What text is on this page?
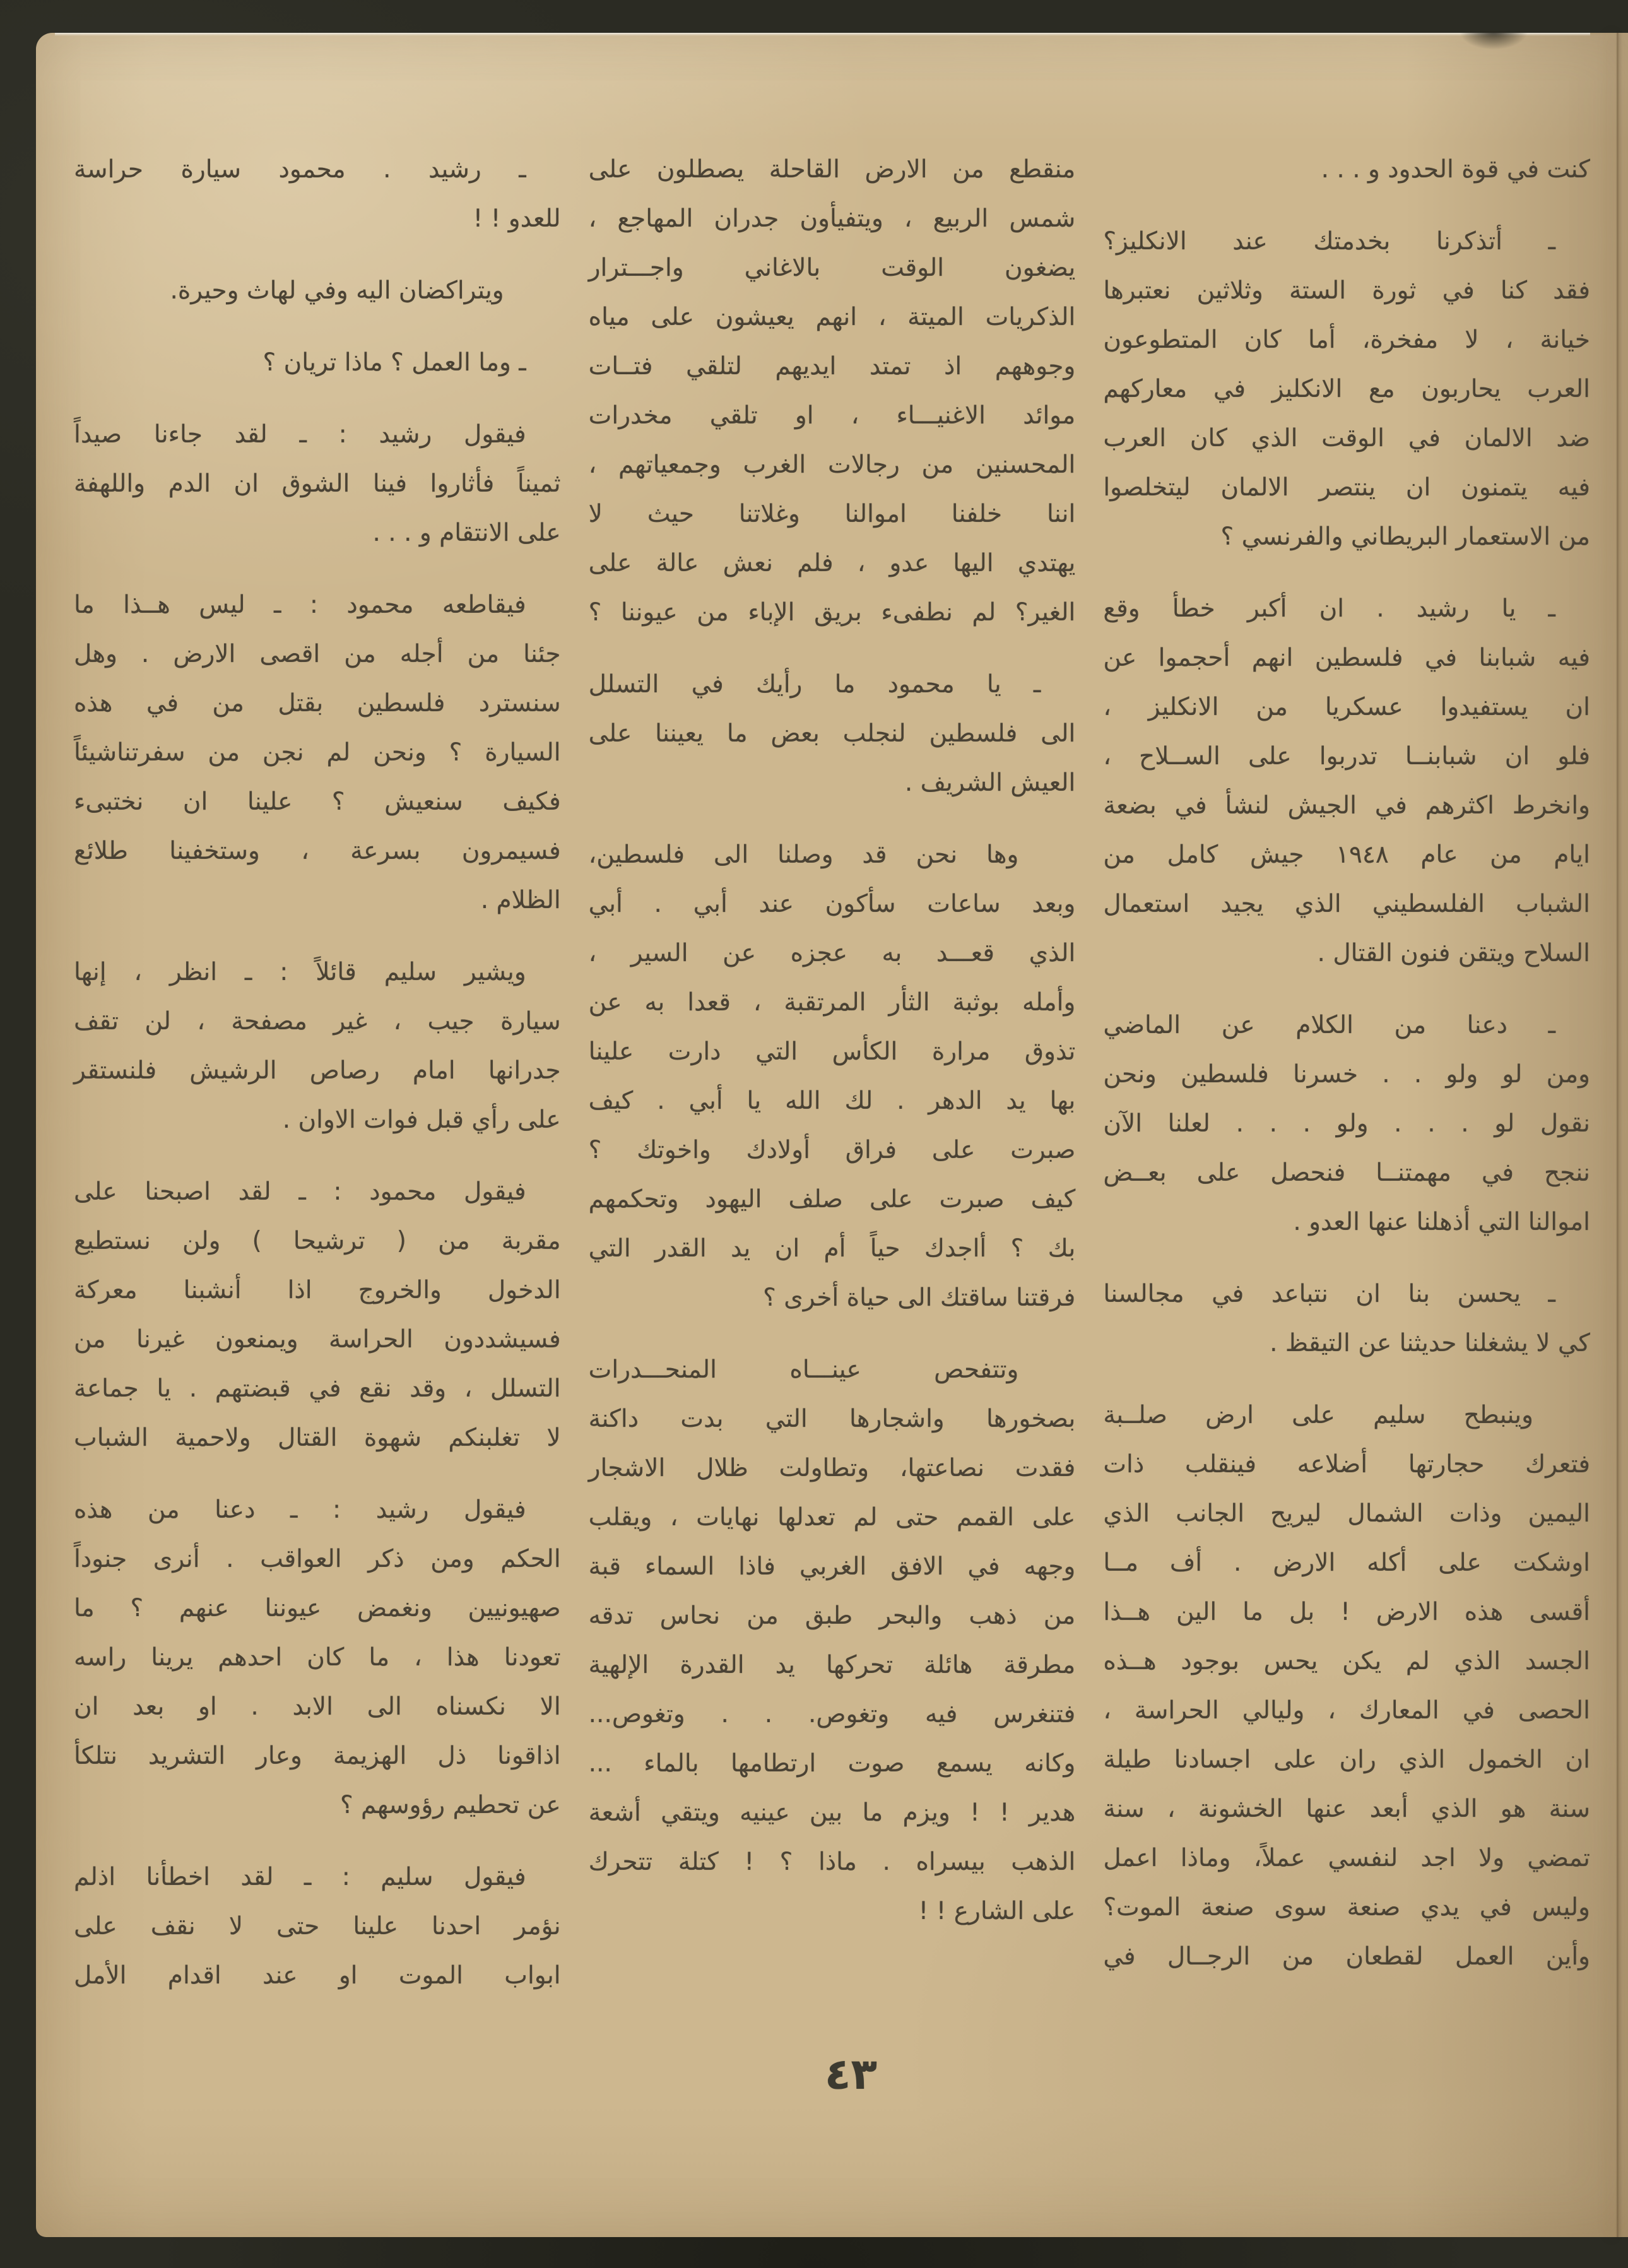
كنت في قوة الحدود و . . .
ـ أتذكرنا بخدمتك عند الانكليز؟
فقد كنا في ثورة الستة وثلاثين نعتبرها
خيانة ، لا مفخرة، أما كان المتطوعون
العرب يحاربون مع الانكليز في معاركهم
ضد الالمان في الوقت الذي كان العرب
فيه يتمنون ان ينتصر الالمان ليتخلصوا
من الاستعمار البريطاني والفرنسي ؟
ـ يا رشيد . ان أكبر خطأ وقع
فيه شبابنا في فلسطين انهم أحجموا عن
ان يستفيدوا عسكريا من الانكليز ،
فلو ان شبابنــا تدربوا على الســلاح ،
وانخرط اكثرهم في الجيش لنشأ في بضعة
ايام من عام ١٩٤٨ جيش كامل من
الشباب الفلسطيني الذي يجيد استعمال
السلاح ويتقن فنون القتال .
ـ دعنا من الكلام عن الماضي
ومن لو ولو . . خسرنا فلسطين ونحن
نقول لو . . . ولو . . . لعلنا الآن
ننجح في مهمتنــا فنحصل على بعــض
اموالنا التي أذهلنا عنها العدو .
ـ يحسن بنا ان نتباعد في مجالسنا
كي لا يشغلنا حديثنا عن التيقظ .
وينبطح سليم على ارض صلــبة
فتعرك حجارتها أضلاعه فينقلب ذات
اليمين وذات الشمال ليريح الجانب الذي
اوشكت على أكله الارض . أف مــا
أقسى هذه الارض ! بل ما الين هــذا
الجسد الذي لم يكن يحس بوجود هــذه
الحصى في المعارك ، وليالي الحراسة ،
ان الخمول الذي ران على اجسادنا طيلة
سنة هو الذي أبعد عنها الخشونة ، سنة
تمضي ولا اجد لنفسي عملاً، وماذا اعمل
وليس في يدي صنعة سوى صنعة الموت؟
وأين العمل لقطعان من الرجــال في
منقطع من الارض القاحلة يصطلون على
شمس الربيع ، ويتفيأون جدران المهاجع ،
يضغون الوقت بالاغاني واجـــترار
الذكريات الميتة ، انهم يعيشون على مياه
وجوههم اذ تمتد ايديهم لتلقي فتــات
موائد الاغنيـــاء ، او تلقي مخدرات
المحسنين من رجالات الغرب وجمعياتهم ،
اننا خلفنا اموالنا وغلاتنا حيث لا
يهتدي اليها عدو ، فلم نعش عالة على
الغير؟ لم نطفىء بريق الإباء من عيوننا ؟
ـ يا محمود ما رأيك في التسلل
الى فلسطين لنجلب بعض ما يعيننا على
العيش الشريف .
وها نحن قد وصلنا الى فلسطين،
وبعد ساعات سأكون عند أبي . أبي
الذي قعـــد به عجزه عن السير ،
وأمله بوثبة الثأر المرتقبة ، قعدا به عن
تذوق مرارة الكأس التي دارت علينا
بها يد الدهر . لك الله يا أبي . كيف
صبرت على فراق أولادك واخوتك ؟
كيف صبرت على صلف اليهود وتحكمهم
بك ؟ أاجدك حياً أم ان يد القدر التي
فرقتنا ساقتك الى حياة أخرى ؟
وتتفحص عينـــاه المنحـــدرات
بصخورها واشجارها التي بدت داكنة
فقدت نصاعتها، وتطاولت ظلال الاشجار
على القمم حتى لم تعدلها نهايات ، ويقلب
وجهه في الافق الغربي فاذا السماء قبة
من ذهب والبحر طبق من نحاس تدقه
مطرقة هائلة تحركها يد القدرة الإلهية
فتنغرس فيه وتغوص. . . وتغوص...
وكانه يسمع صوت ارتطامها بالماء ...
هدير ! ! ويزم ما بين عينيه ويتقي أشعة
الذهب بيسراه . ماذا ؟ ! كتلة تتحرك
على الشارع ! !
ـ رشيد . محمود سيارة حراسة
للعدو ! !
ويتراكضان اليه وفي لهاث وحيرة.
ـ وما العمل ؟ ماذا تريان ؟
فيقول رشيد : ـ لقد جاءنا صيداً
ثميناً فأثاروا فينا الشوق ان الدم واللهفة
على الانتقام و . . .
فيقاطعه محمود : ـ ليس هــذا ما
جئنا من أجله من اقصى الارض . وهل
سنسترد فلسطين بقتل من في هذه
السيارة ؟ ونحن لم نجن من سفرتناشيئاً
فكيف سنعيش ؟ علينا ان نختبىء
فسيمرون بسرعة ، وستخفينا طلائع
الظلام .
ويشير سليم قائلاً : ـ انظر ، إنها
سيارة جيب ، غير مصفحة ، لن تقف
جدرانها امام رصاص الرشيش فلنستقر
على رأي قبل فوات الاوان .
فيقول محمود : ـ لقد اصبحنا على
مقربة من ( ترشيحا ) ولن نستطيع
الدخول والخروج اذا أنشبنا معركة
فسيشددون الحراسة ويمنعون غيرنا من
التسلل ، وقد نقع في قبضتهم . يا جماعة
لا تغلبنكم شهوة القتال ولاحمية الشباب
فيقول رشيد : ـ دعنا من هذه
الحكم ومن ذكر العواقب . أنرى جنوداً
صهيونيين ونغمض عيوننا عنهم ؟ ما
تعودنا هذا ، ما كان احدهم يرينا راسه
الا نكسناه الى الابد . او بعد ان
اذاقونا ذل الهزيمة وعار التشريد نتلكأ
عن تحطيم رؤوسهم ؟
فيقول سليم : ـ لقد اخطأنا اذلم
نؤمر احدنا علينا حتى لا نقف على
ابواب الموت او عند اقدام الأمل
٤٣
